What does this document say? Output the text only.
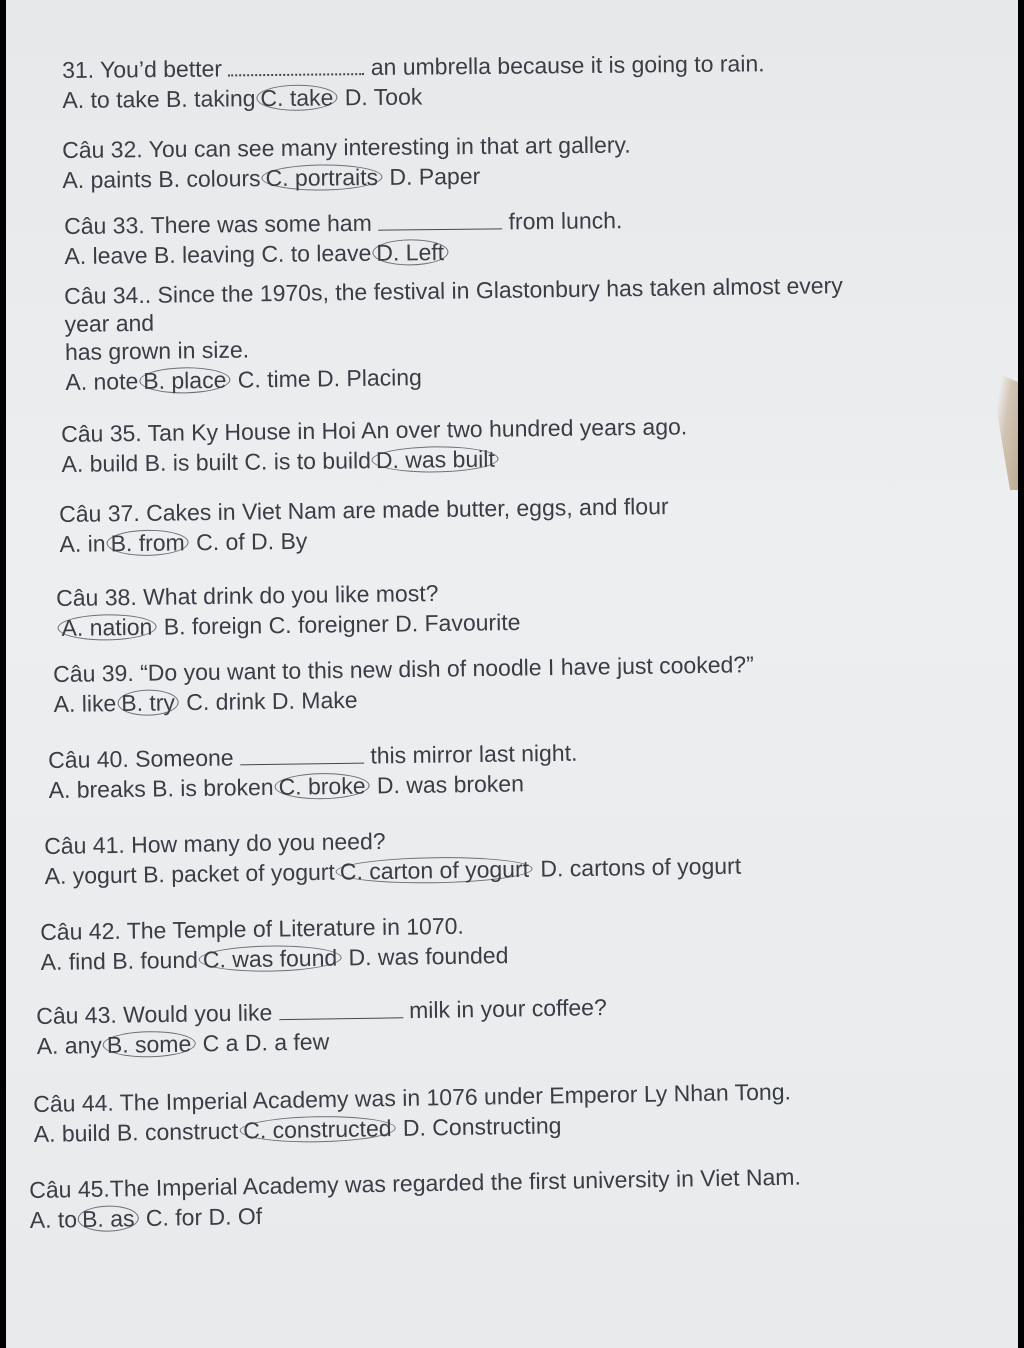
31. You’d better	an umbrella because it is going to rain.
A. to take B. taking C. take D. Took
Câu 32. You can see many interesting in that art gallery.
A. paints B. colours C. portraits D. Paper
Câu 33. There was some ham	from lunch.
A. leave B. leaving C. to leave D. Left
Câu 34.. Since the 1970s, the festival in Glastonbury has taken almost every
year and
has grown in size.
A. note B. place C. time D. Placing
Câu 35. Tan Ky House in Hoi An over two hundred years ago.
A. build B. is built C. is to build D. was built
Câu 37. Cakes in Viet Nam are made butter, eggs, and flour
A. in B. from C. of D. By
Câu 38. What drink do you like most?
A. nation B. foreign C. foreigner D. Favourite
Câu 39. “Do you want to this new dish of noodle I have just cooked?”
A. like B. try C. drink D. Make
Câu 40. Someone	this mirror last night.
A. breaks B. is broken C. broke D. was broken
Câu 41. How many do you need?
A. yogurt B. packet of yogurt C. carton of yogurt D. cartons of yogurt
Câu 42. The Temple of Literature in 1070.
A. find B. found C. was found D. was founded
Câu 43. Would you like	milk in your coffee?
A. any B. some C a D. a few
Câu 44. The Imperial Academy was in 1076 under Emperor Ly Nhan Tong.
A. build B. construct C. constructed D. Constructing
Câu 45.The Imperial Academy was regarded the first university in Viet Nam.
A. to B. as C. for D. Of
